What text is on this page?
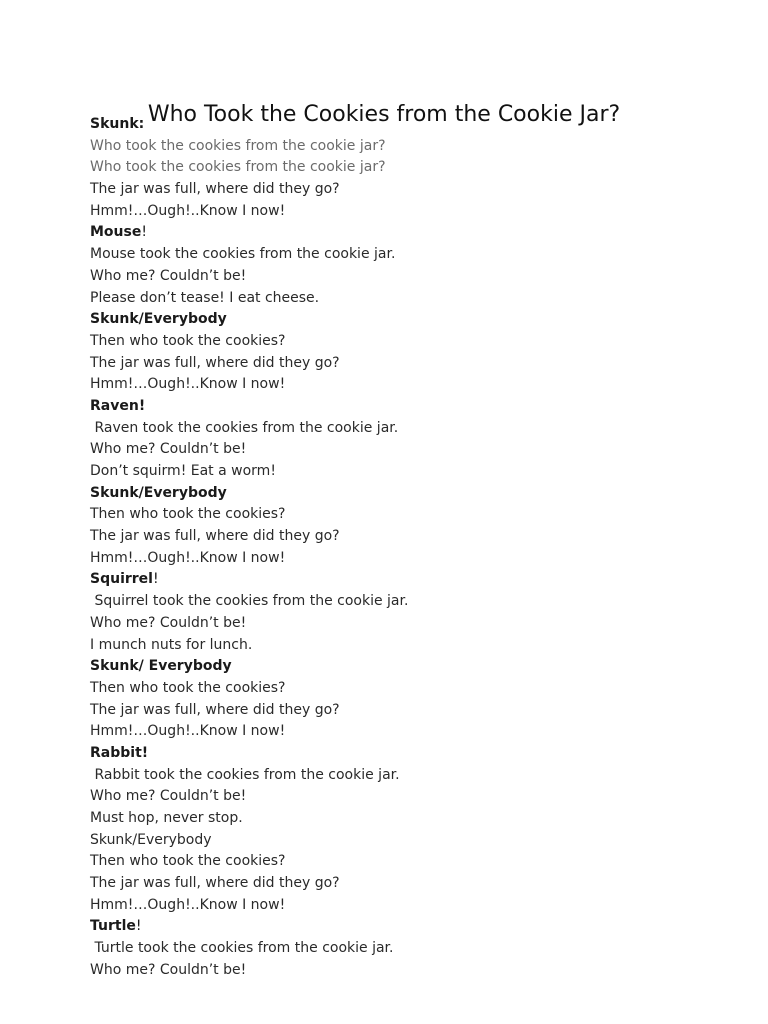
Who Took the Cookies from the Cookie Jar?
Skunk:
Who took the cookies from the cookie jar?
Who took the cookies from the cookie jar?
The jar was full, where did they go?
Hmm!…Ough!..Know I now!
Mouse!
Mouse took the cookies from the cookie jar.
Who me? Couldn’t be!
Please don’t tease! I eat cheese.
Skunk/Everybody
Then who took the cookies?
The jar was full, where did they go?
Hmm!…Ough!..Know I now!
Raven!
Raven took the cookies from the cookie jar.
Who me? Couldn’t be!
Don’t squirm! Eat a worm!
Skunk/Everybody
Then who took the cookies?
The jar was full, where did they go?
Hmm!…Ough!..Know I now!
Squirrel!
Squirrel took the cookies from the cookie jar.
Who me? Couldn’t be!
I munch nuts for lunch.
Skunk/ Everybody
Then who took the cookies?
The jar was full, where did they go?
Hmm!…Ough!..Know I now!
Rabbit!
Rabbit took the cookies from the cookie jar.
Who me? Couldn’t be!
Must hop, never stop.
Skunk/Everybody
Then who took the cookies?
The jar was full, where did they go?
Hmm!…Ough!..Know I now!
Turtle!
Turtle took the cookies from the cookie jar.
Who me? Couldn’t be!
